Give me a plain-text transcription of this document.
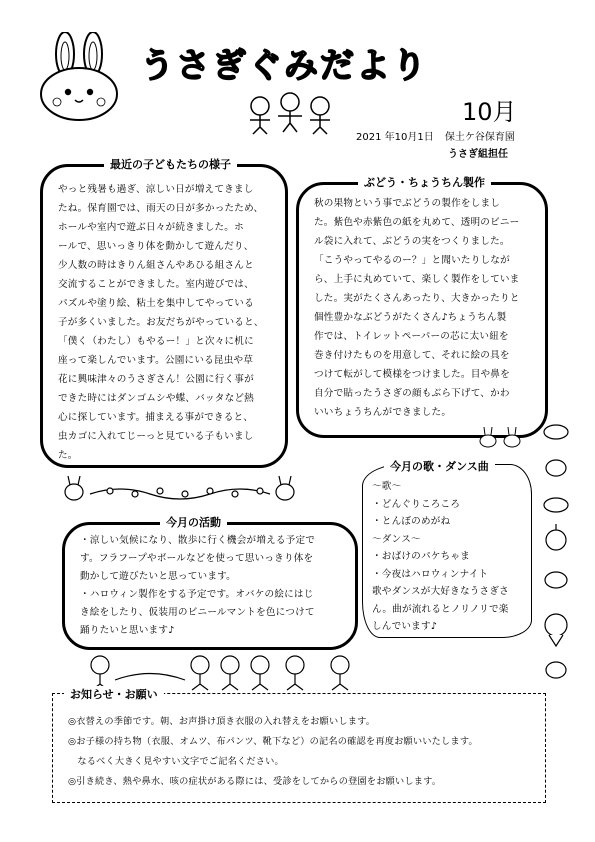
うさぎぐみだより
10月
2021 年10月1日 保土ケ谷保育園
うさぎ組担任
最近の子どもたちの様子

やっと残暑も過ぎ、涼しい日が増えてきまし

たね。保育園では、雨天の日が多かったため、

ホールや室内で遊ぶ日々が続きました。ホ

ールで、思いっきり体を動かして遊んだり、

少人数の時はきりん組さんやあひる組さんと

交流することができました。室内遊びでは、

パズルや塗り絵、粘土を集中してやっている

子が多くいました。お友だちがやっていると、

「僕く（わたし）もやるー！」と次々に机に

座って楽しんでいます。公園にいる昆虫や草

花に興味津々のうさぎさん！公園に行く事が

できた時にはダンゴムシや蝶、バッタなど熱

心に探しています。捕まえる事ができると、

虫カゴに入れてじーっと見ている子もいまし

た。

ぶどう・ちょうちん製作

秋の果物という事でぶどうの製作をしまし

た。紫色や赤紫色の紙を丸めて、透明のビニー

ル袋に入れて、ぶどうの実をつくりました。

「こうやってやるのー？」と聞いたりしなが

ら、上手に丸めていて、楽しく製作をしていま

した。実がたくさんあったり、大きかったりと

個性豊かなぶどうがたくさん♪ちょうちん製

作では、トイレットペーパーの芯に太い紐を

巻き付けたものを用意して、それに絵の具を

つけて転がして模様をつけました。目や鼻を

自分で貼ったうさぎの顔もぶら下げて、かわ

いいちょうちんができました。

今月の活動

・涼しい気候になり、散歩に行く機会が増える予定で

す。フラフープやボールなどを使って思いっきり体を

動かして遊びたいと思っています。

・ハロウィン製作をする予定です。オバケの絵にはじ

き絵をしたり、仮装用のビニールマントを色につけて

踊りたいと思います♪

今月の歌・ダンス曲

～歌～

・どんぐりころころ

・とんぼのめがね

～ダンス～

・おばけのパケちゃま

・今夜はハロウィンナイト

歌やダンスが大好きなうさぎさ

ん。曲が流れるとノリノリで楽

しんでいます♪

お知らせ・お願い

◎衣替えの季節です。朝、お声掛け頂き衣服の入れ替えをお願いします。

◎お子様の持ち物（衣服、オムツ、布パンツ、靴下など）の記名の確認を再度お願いいたします。

　なるべく大きく見やすい文字でご記名ください。

◎引き続き、熱や鼻水、咳の症状がある際には、受診をしてからの登園をお願いします。
